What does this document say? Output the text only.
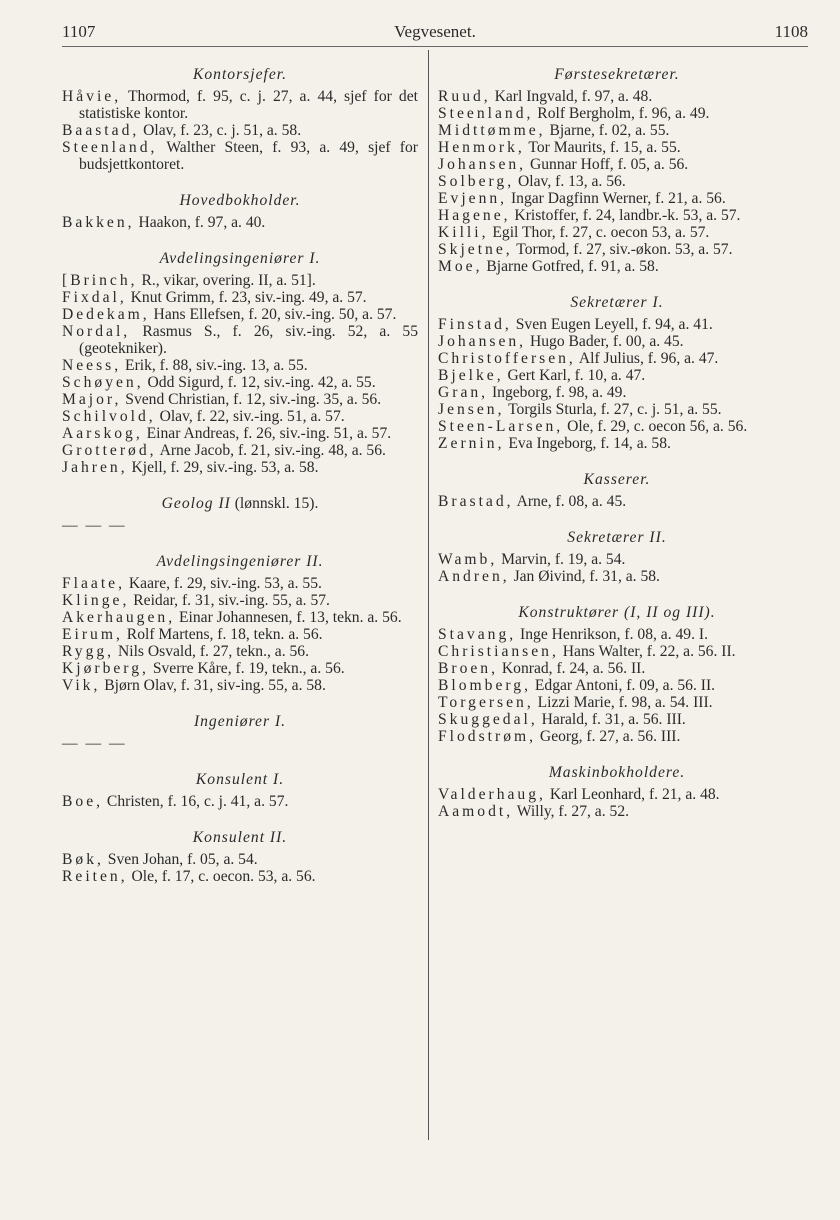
1107	Vegvesenet.	1108
Kontorsjefer.
Håvie, Thormod, f. 95, c. j. 27, a. 44, sjef for det statistiske kontor.
Baastad, Olav, f. 23, c. j. 51, a. 58.
Steenland, Walther Steen, f. 93, a. 49, sjef for budsjettkontoret.
Hovedbokholder.
Bakken, Haakon, f. 97, a. 40.
Avdelingsingeniører I.
[Brinch, R., vikar, overing. II, a. 51].
Fixdal, Knut Grimm, f. 23, siv.-ing. 49, a. 57.
Dedekam, Hans Ellefsen, f. 20, siv.-ing. 50, a. 57.
Nordal, Rasmus S., f. 26, siv.-ing. 52, a. 55 (geotekniker).
Neess, Erik, f. 88, siv.-ing. 13, a. 55.
Schøyen, Odd Sigurd, f. 12, siv.-ing. 42, a. 55.
Major, Svend Christian, f. 12, siv.-ing. 35, a. 56.
Schilvold, Olav, f. 22, siv.-ing. 51, a. 57.
Aarskog, Einar Andreas, f. 26, siv.-ing. 51, a. 57.
Grotterød, Arne Jacob, f. 21, siv.-ing. 48, a. 56.
Jahren, Kjell, f. 29, siv.-ing. 53, a. 58.
Geolog II (lønnskl. 15).
— — —
Avdelingsingeniører II.
Flaate, Kaare, f. 29, siv.-ing. 53, a. 55.
Klinge, Reidar, f. 31, siv.-ing. 55, a. 57.
Akerhaugen, Einar Johannesen, f. 13, tekn. a. 56.
Eirum, Rolf Martens, f. 18, tekn. a. 56.
Rygg, Nils Osvald, f. 27, tekn., a. 56.
Kjørberg, Sverre Kåre, f. 19, tekn., a. 56.
Vik, Bjørn Olav, f. 31, siv-ing. 55, a. 58.
Ingeniører I.
— — —
Konsulent I.
Boe, Christen, f. 16, c. j. 41, a. 57.
Konsulent II.
Bøk, Sven Johan, f. 05, a. 54.
Reiten, Ole, f. 17, c. oecon. 53, a. 56.
Førstesekretærer.
Ruud, Karl Ingvald, f. 97, a. 48.
Steenland, Rolf Bergholm, f. 96, a. 49.
Midttømme, Bjarne, f. 02, a. 55.
Henmork, Tor Maurits, f. 15, a. 55.
Johansen, Gunnar Hoff, f. 05, a. 56.
Solberg, Olav, f. 13, a. 56.
Evjenn, Ingar Dagfinn Werner, f. 21, a. 56.
Hagene, Kristoffer, f. 24, landbr.-k. 53, a. 57.
Killi, Egil Thor, f. 27, c. oecon 53, a. 57.
Skjetne, Tormod, f. 27, siv.-økon. 53, a. 57.
Moe, Bjarne Gotfred, f. 91, a. 58.
Sekretærer I.
Finstad, Sven Eugen Leyell, f. 94, a. 41.
Johansen, Hugo Bader, f. 00, a. 45.
Christoffersen, Alf Julius, f. 96, a. 47.
Bjelke, Gert Karl, f. 10, a. 47.
Gran, Ingeborg, f. 98, a. 49.
Jensen, Torgils Sturla, f. 27, c. j. 51, a. 55.
Steen-Larsen, Ole, f. 29, c. oecon 56, a. 56.
Zernin, Eva Ingeborg, f. 14, a. 58.
Kasserer.
Brastad, Arne, f. 08, a. 45.
Sekretærer II.
Wamb, Marvin, f. 19, a. 54.
Andren, Jan Øivind, f. 31, a. 58.
Konstruktører (I, II og III).
Stavang, Inge Henrikson, f. 08, a. 49. I.
Christiansen, Hans Walter, f. 22, a. 56. II.
Broen, Konrad, f. 24, a. 56. II.
Blomberg, Edgar Antoni, f. 09, a. 56. II.
Torgersen, Lizzi Marie, f. 98, a. 54. III.
Skuggedal, Harald, f. 31, a. 56. III.
Flodstrøm, Georg, f. 27, a. 56. III.
Maskinbokholdere.
Valderhaug, Karl Leonhard, f. 21, a. 48.
Aamodt, Willy, f. 27, a. 52.
